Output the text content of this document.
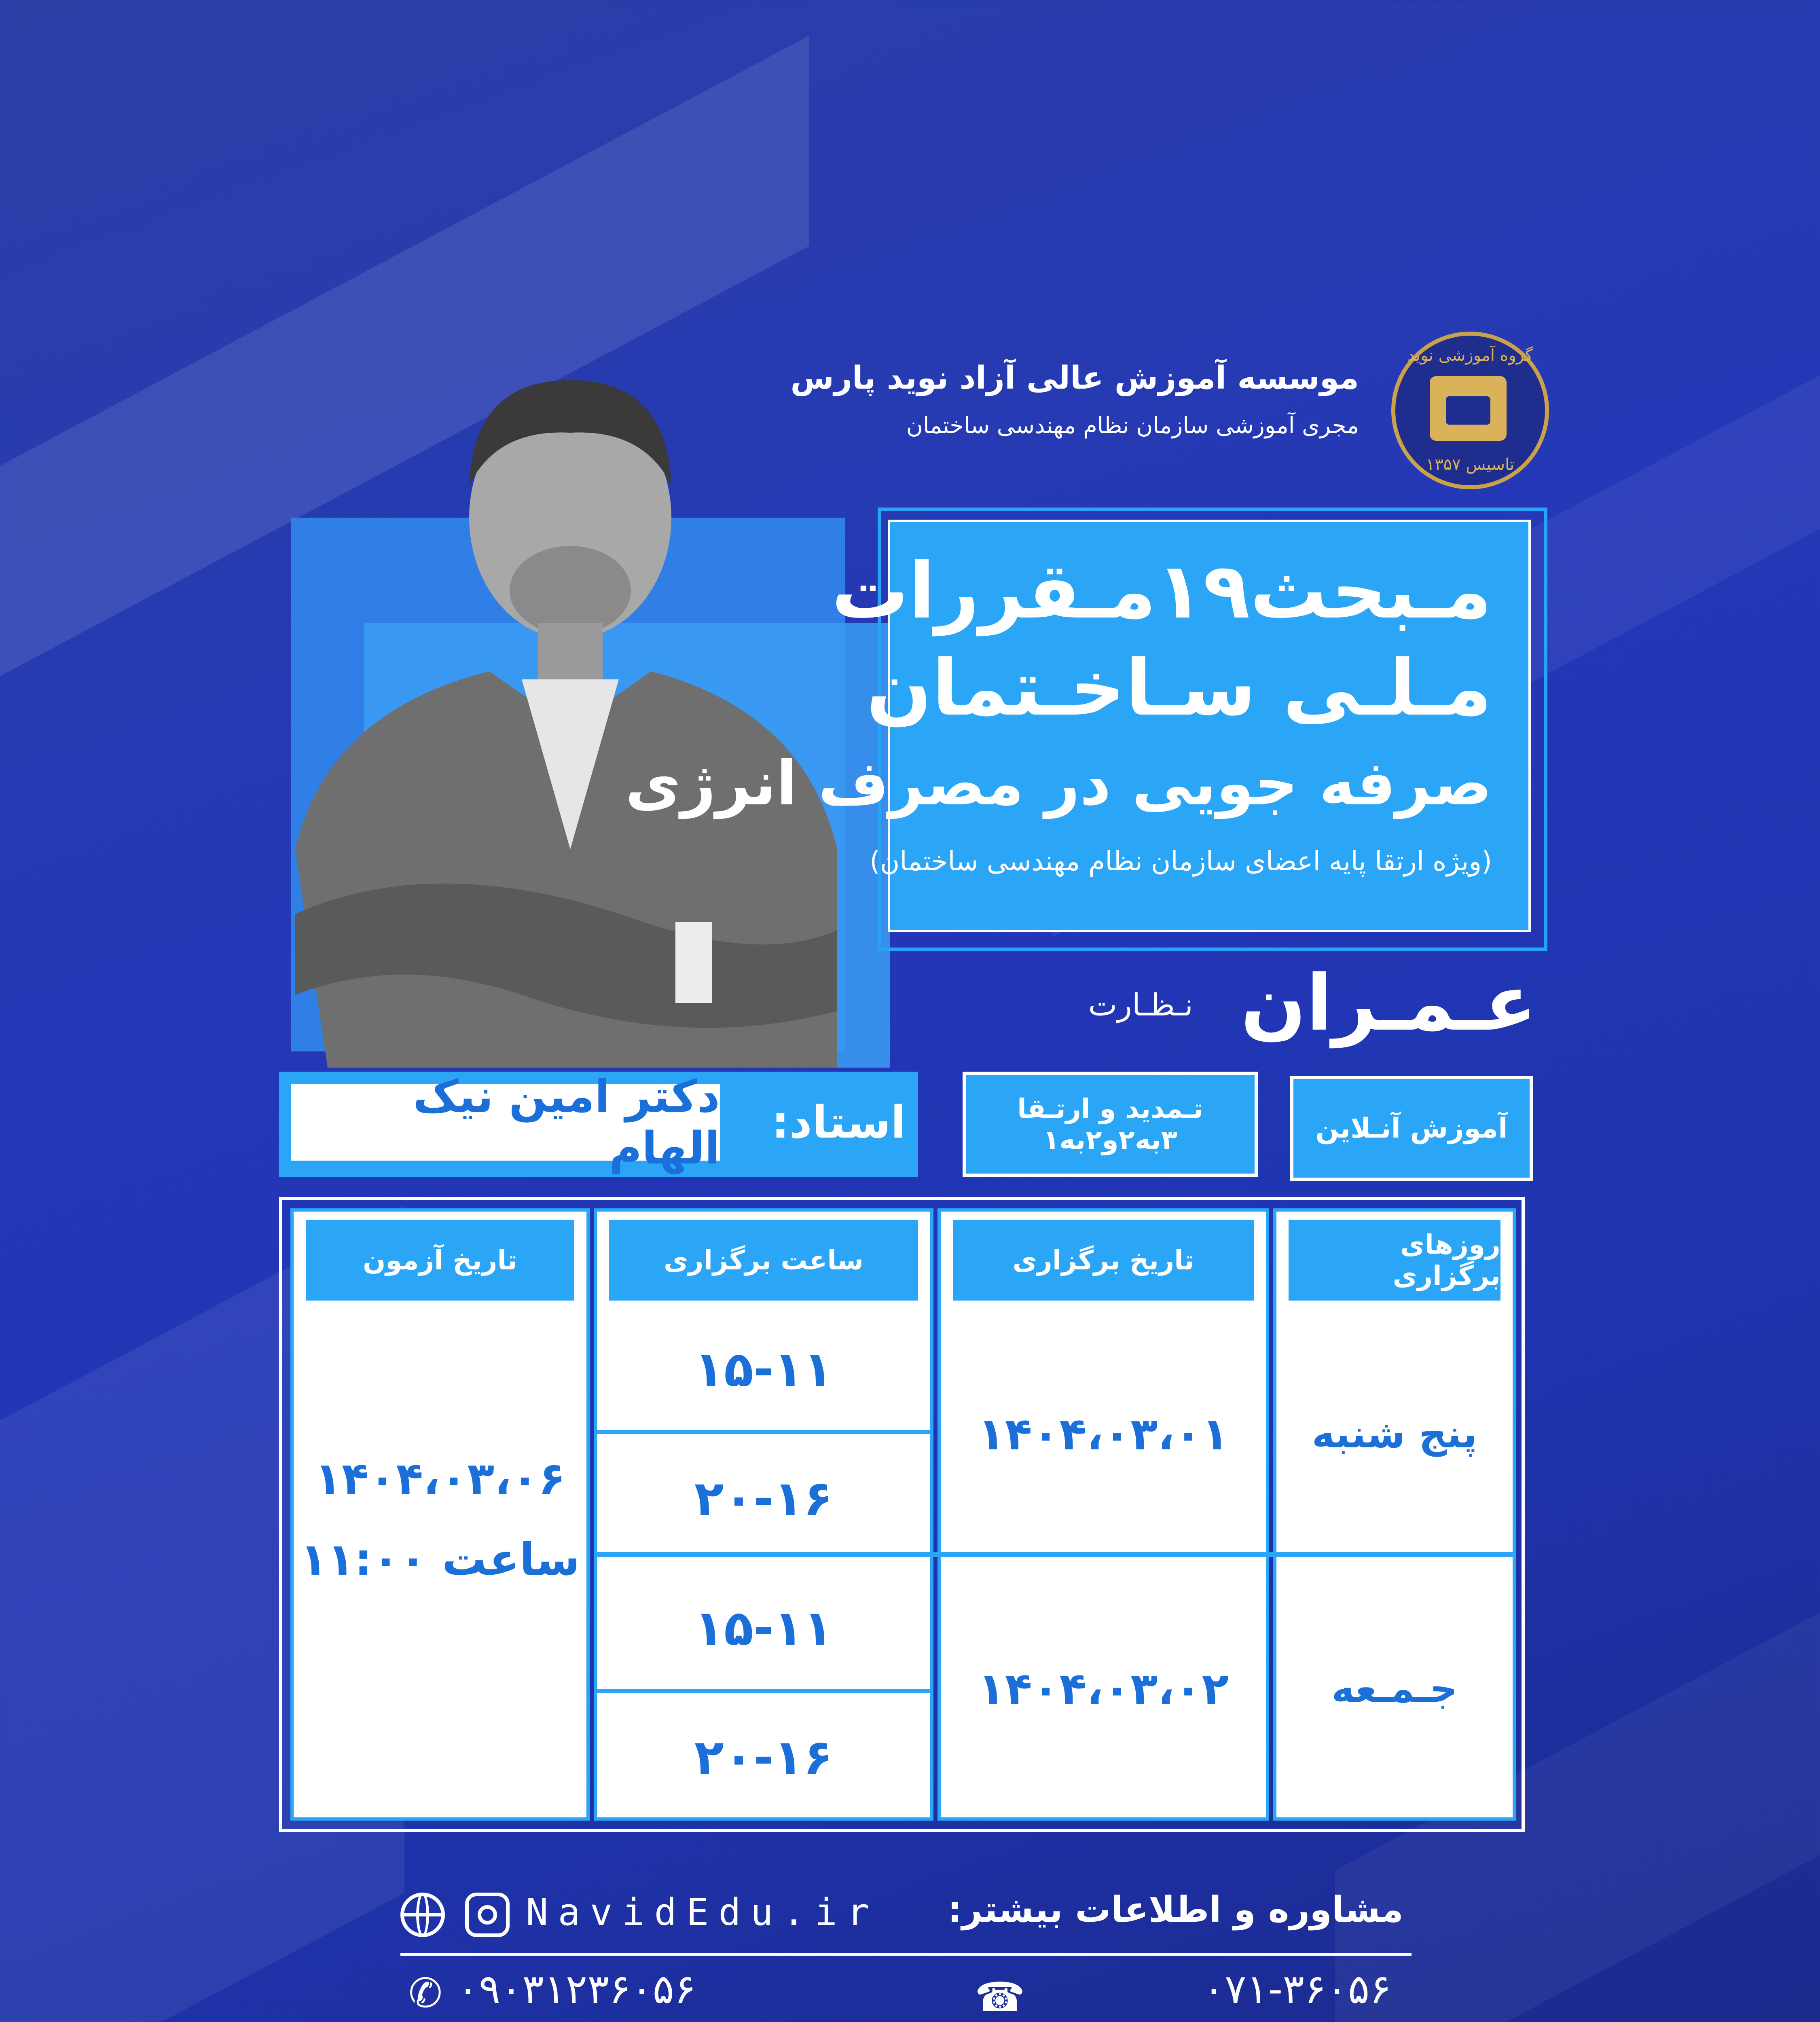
گروه آموزشی نوید
تاسیس ۱۳۵۷
موسسه آموزش عالی آزاد نوید پارس
مجری آموزشی سازمان نظام مهندسی ساختمان
مـبحث۱۹مـقررات
مـلـی سـاخـتمان
صرفه جویی در مصرف انرژی
(ویژه ارتقا پایه اعضای سازمان نظام مهندسی ساختمان)
عـمـران
نـظـارت
آموزش آنـلاین
تـمدید و ارتـقا
۳به۲و۲به۱
استاد:
دکتر امین نیک الهام
روزهای برگزاری
پنج شنبه
جـمـعه
تاریخ برگزاری
۱۴۰۴،۰۳،۰۱
۱۴۰۴،۰۳،۰۲
ساعت برگزاری
۱۵-۱۱
۲۰-۱۶
۱۵-۱۱
۲۰-۱۶
تاریخ آزمون
۱۴۰۴،۰۳،۰۶
ساعت ۱۱:۰۰
مشاوره و اطلاعات بیشتر:
NavidEdu.ir
☎	۰۷۱-۳۶۰۵۶
✆ ۰۹۰۳۱۲۳۶۰۵۶
